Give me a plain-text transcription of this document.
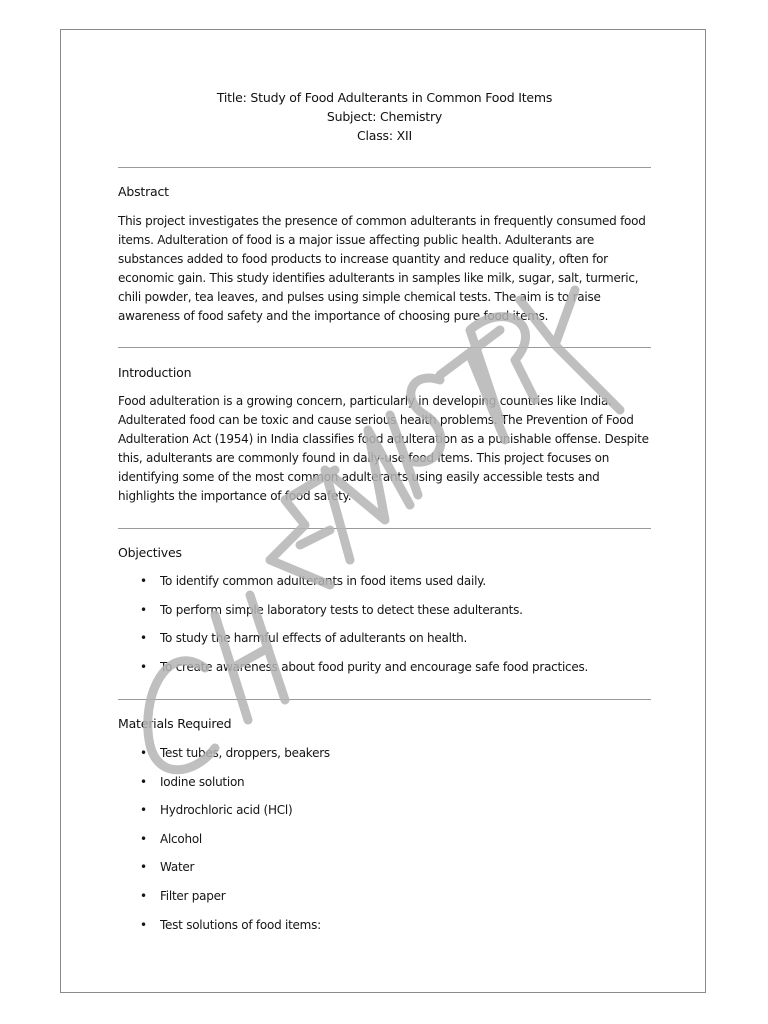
Title: Study of Food Adulterants in Common Food Items
Subject: Chemistry
Class: XII
Abstract
This project investigates the presence of common adulterants in frequently consumed food items. Adulteration of food is a major issue affecting public health. Adulterants are substances added to food products to increase quantity and reduce quality, often for economic gain. This study identifies adulterants in samples like milk, sugar, salt, turmeric, chili powder, tea leaves, and pulses using simple chemical tests. The aim is to raise awareness of food safety and the importance of choosing pure food items.
Introduction
Food adulteration is a growing concern, particularly in developing countries like India. Adulterated food can be toxic and cause serious health problems. The Prevention of Food Adulteration Act (1954) in India classifies food adulteration as a punishable offense. Despite this, adulterants are commonly found in daily-use food items. This project focuses on identifying some of the most common adulterants using easily accessible tests and highlights the importance of food safety.
Objectives
• To identify common adulterants in food items used daily.
• To perform simple laboratory tests to detect these adulterants.
• To study the harmful effects of adulterants on health.
• To create awareness about food purity and encourage safe food practices.
Materials Required
• Test tubes, droppers, beakers
• Iodine solution
• Hydrochloric acid (HCl)
• Alcohol
• Water
• Filter paper
• Test solutions of food items:
